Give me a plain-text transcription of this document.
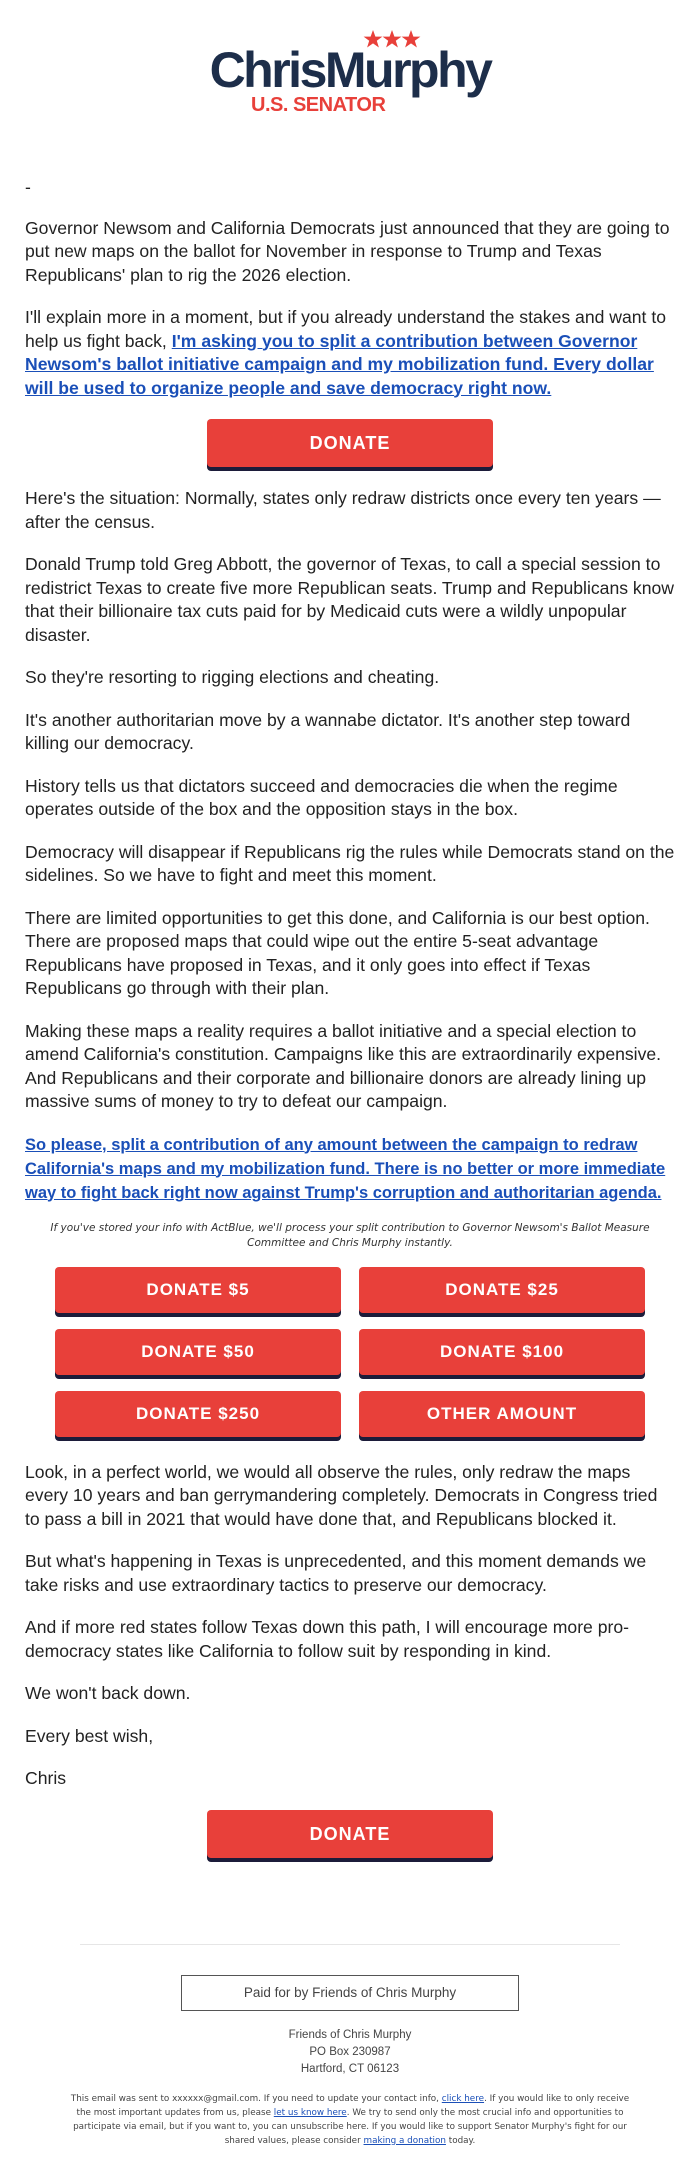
ChrisMurphy
U.S. SENATOR

-

Governor Newsom and California Democrats just announced that they are going to put new maps on the ballot for November in response to Trump and Texas Republicans' plan to rig the 2026 election.

I'll explain more in a moment, but if you already understand the stakes and want to help us fight back, I'm asking you to split a contribution between Governor Newsom's ballot initiative campaign and my mobilization fund. Every dollar will be used to organize people and save democracy right now.

DONATE

Here's the situation: Normally, states only redraw districts once every ten years — after the census.

Donald Trump told Greg Abbott, the governor of Texas, to call a special session to redistrict Texas to create five more Republican seats. Trump and Republicans know that their billionaire tax cuts paid for by Medicaid cuts were a wildly unpopular disaster.

So they're resorting to rigging elections and cheating.

It's another authoritarian move by a wannabe dictator. It's another step toward killing our democracy.

History tells us that dictators succeed and democracies die when the regime operates outside of the box and the opposition stays in the box.

Democracy will disappear if Republicans rig the rules while Democrats stand on the sidelines. So we have to fight and meet this moment.

There are limited opportunities to get this done, and California is our best option. There are proposed maps that could wipe out the entire 5-seat advantage Republicans have proposed in Texas, and it only goes into effect if Texas Republicans go through with their plan.

Making these maps a reality requires a ballot initiative and a special election to amend California's constitution. Campaigns like this are extraordinarily expensive. And Republicans and their corporate and billionaire donors are already lining up massive sums of money to try to defeat our campaign.

So please, split a contribution of any amount between the campaign to redraw California's maps and my mobilization fund. There is no better or more immediate way to fight back right now against Trump's corruption and authoritarian agenda.

If you've stored your info with ActBlue, we'll process your split contribution to Governor Newsom's Ballot Measure Committee and Chris Murphy instantly.

DONATE $5	DONATE $25
DONATE $50	DONATE $100
DONATE $250	OTHER AMOUNT

Look, in a perfect world, we would all observe the rules, only redraw the maps every 10 years and ban gerrymandering completely. Democrats in Congress tried to pass a bill in 2021 that would have done that, and Republicans blocked it.

But what's happening in Texas is unprecedented, and this moment demands we take risks and use extraordinary tactics to preserve our democracy.

And if more red states follow Texas down this path, I will encourage more pro-democracy states like California to follow suit by responding in kind.

We won't back down.

Every best wish,

Chris

DONATE
Paid for by Friends of Chris Murphy
Friends of Chris Murphy
PO Box 230987
Hartford, CT 06123
This email was sent to xxxxxx@gmail.com. If you need to update your contact info, click here. If you would like to only receive the most important updates from us, please let us know here. We try to send only the most crucial info and opportunities to participate via email, but if you want to, you can unsubscribe here. If you would like to support Senator Murphy's fight for our shared values, please consider making a donation today.
